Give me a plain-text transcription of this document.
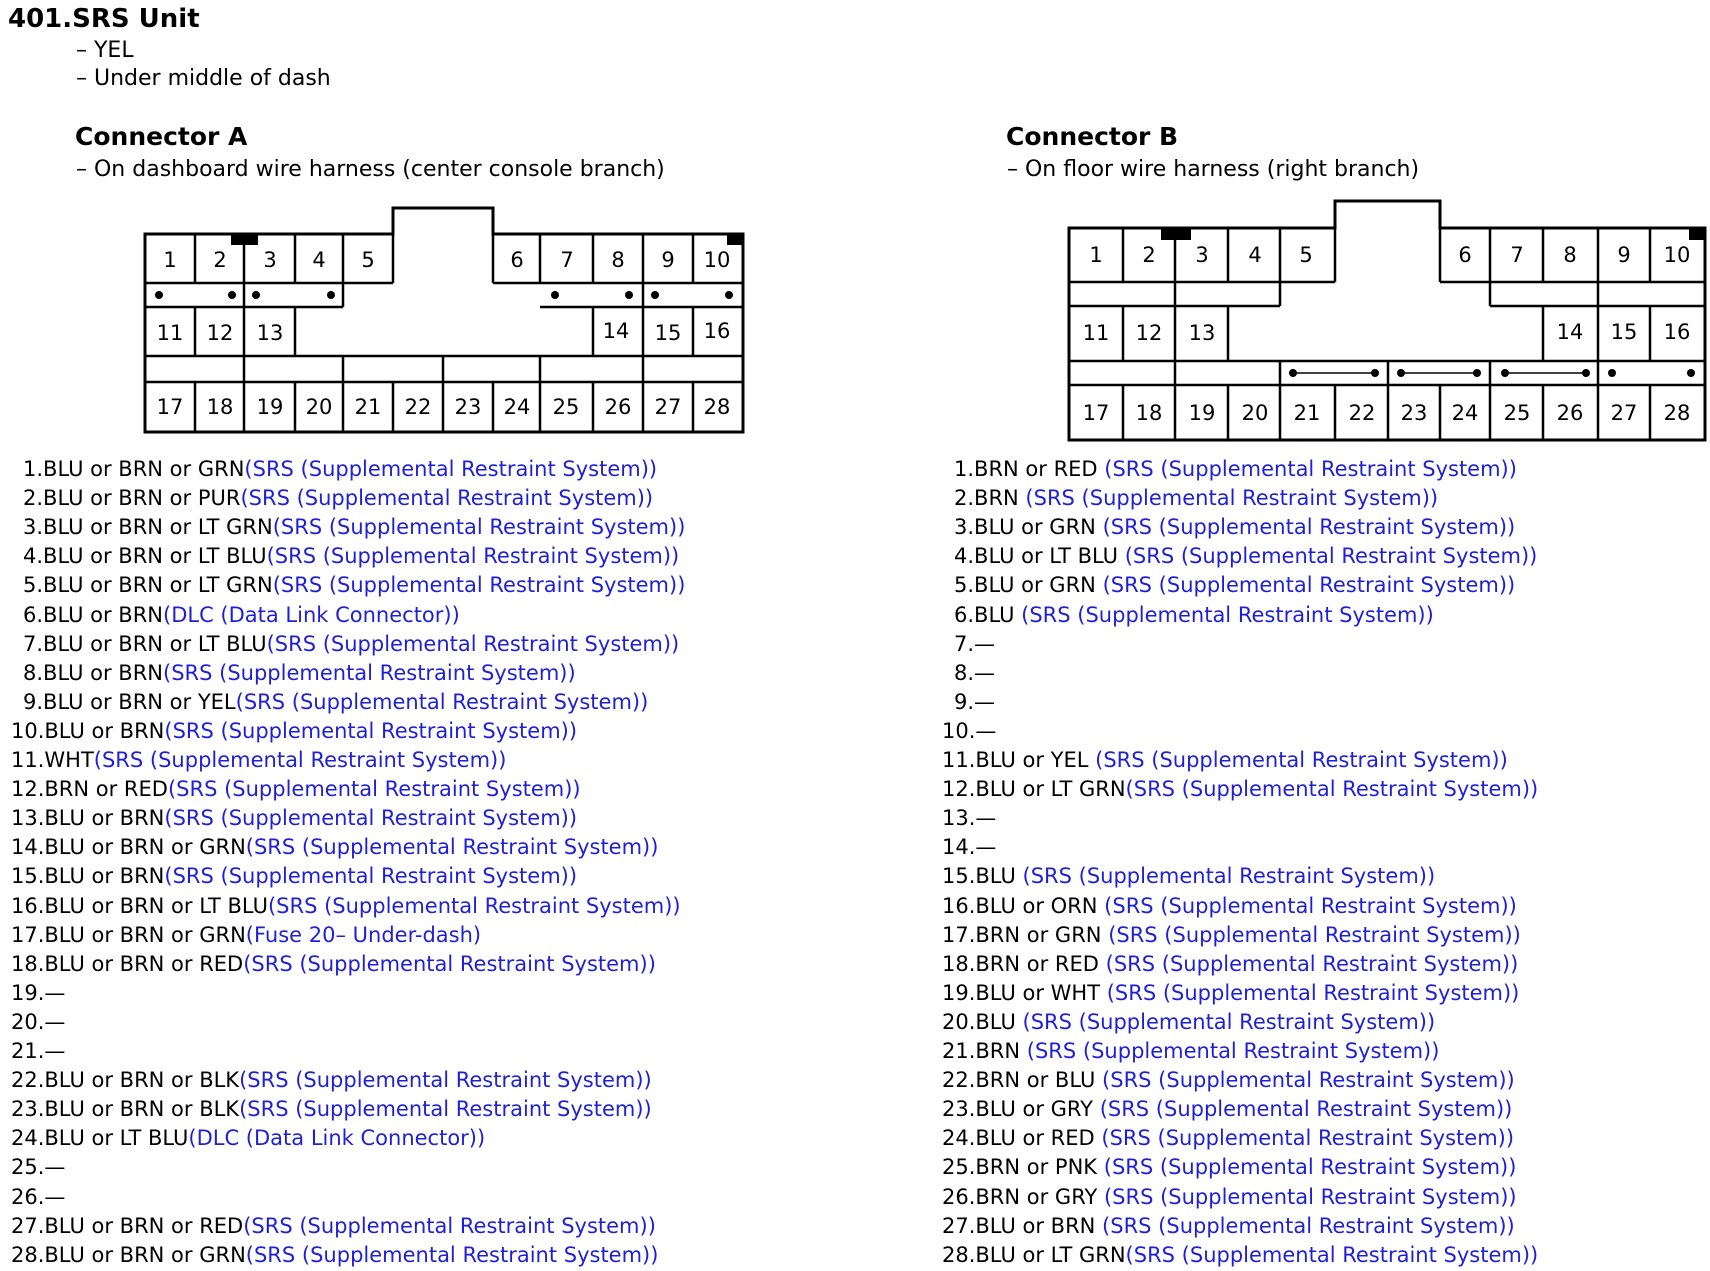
401.SRS Unit
– YEL
– Under middle of dash
Connector A
– On dashboard wire harness (center console branch)
Connector B
– On floor wire harness (right branch)
1 2 3 4 5	6 7 8 9 10
11 12 13	14 15 16
17 18 19 20 21 22 23 24 25 26 27 28
1 2 3 4 5	6 7 8 9 10
11 12 13	14 15 16
17 18 19 20 21 22 23 24 25 26 27 28
1.BLU or BRN or GRN(SRS (Supplemental Restraint System))
2.BLU or BRN or PUR(SRS (Supplemental Restraint System))
3.BLU or BRN or LT GRN(SRS (Supplemental Restraint System))
4.BLU or BRN or LT BLU(SRS (Supplemental Restraint System))
5.BLU or BRN or LT GRN(SRS (Supplemental Restraint System))
6.BLU or BRN(DLC (Data Link Connector))
7.BLU or BRN or LT BLU(SRS (Supplemental Restraint System))
8.BLU or BRN(SRS (Supplemental Restraint System))
9.BLU or BRN or YEL(SRS (Supplemental Restraint System))
10.BLU or BRN(SRS (Supplemental Restraint System))
11.WHT(SRS (Supplemental Restraint System))
12.BRN or RED(SRS (Supplemental Restraint System))
13.BLU or BRN(SRS (Supplemental Restraint System))
14.BLU or BRN or GRN(SRS (Supplemental Restraint System))
15.BLU or BRN(SRS (Supplemental Restraint System))
16.BLU or BRN or LT BLU(SRS (Supplemental Restraint System))
17.BLU or BRN or GRN(Fuse 20– Under-dash)
18.BLU or BRN or RED(SRS (Supplemental Restraint System))
19.—
20.—
21.—
22.BLU or BRN or BLK(SRS (Supplemental Restraint System))
23.BLU or BRN or BLK(SRS (Supplemental Restraint System))
24.BLU or LT BLU(DLC (Data Link Connector))
25.—
26.—
27.BLU or BRN or RED(SRS (Supplemental Restraint System))
28.BLU or BRN or GRN(SRS (Supplemental Restraint System))
1.BRN or RED (SRS (Supplemental Restraint System))
2.BRN (SRS (Supplemental Restraint System))
3.BLU or GRN (SRS (Supplemental Restraint System))
4.BLU or LT BLU (SRS (Supplemental Restraint System))
5.BLU or GRN (SRS (Supplemental Restraint System))
6.BLU (SRS (Supplemental Restraint System))
7.—
8.—
9.—
10.—
11.BLU or YEL (SRS (Supplemental Restraint System))
12.BLU or LT GRN(SRS (Supplemental Restraint System))
13.—
14.—
15.BLU (SRS (Supplemental Restraint System))
16.BLU or ORN (SRS (Supplemental Restraint System))
17.BRN or GRN (SRS (Supplemental Restraint System))
18.BRN or RED (SRS (Supplemental Restraint System))
19.BLU or WHT (SRS (Supplemental Restraint System))
20.BLU (SRS (Supplemental Restraint System))
21.BRN (SRS (Supplemental Restraint System))
22.BRN or BLU (SRS (Supplemental Restraint System))
23.BLU or GRY (SRS (Supplemental Restraint System))
24.BLU or RED (SRS (Supplemental Restraint System))
25.BRN or PNK (SRS (Supplemental Restraint System))
26.BRN or GRY (SRS (Supplemental Restraint System))
27.BLU or BRN (SRS (Supplemental Restraint System))
28.BLU or LT GRN(SRS (Supplemental Restraint System))
